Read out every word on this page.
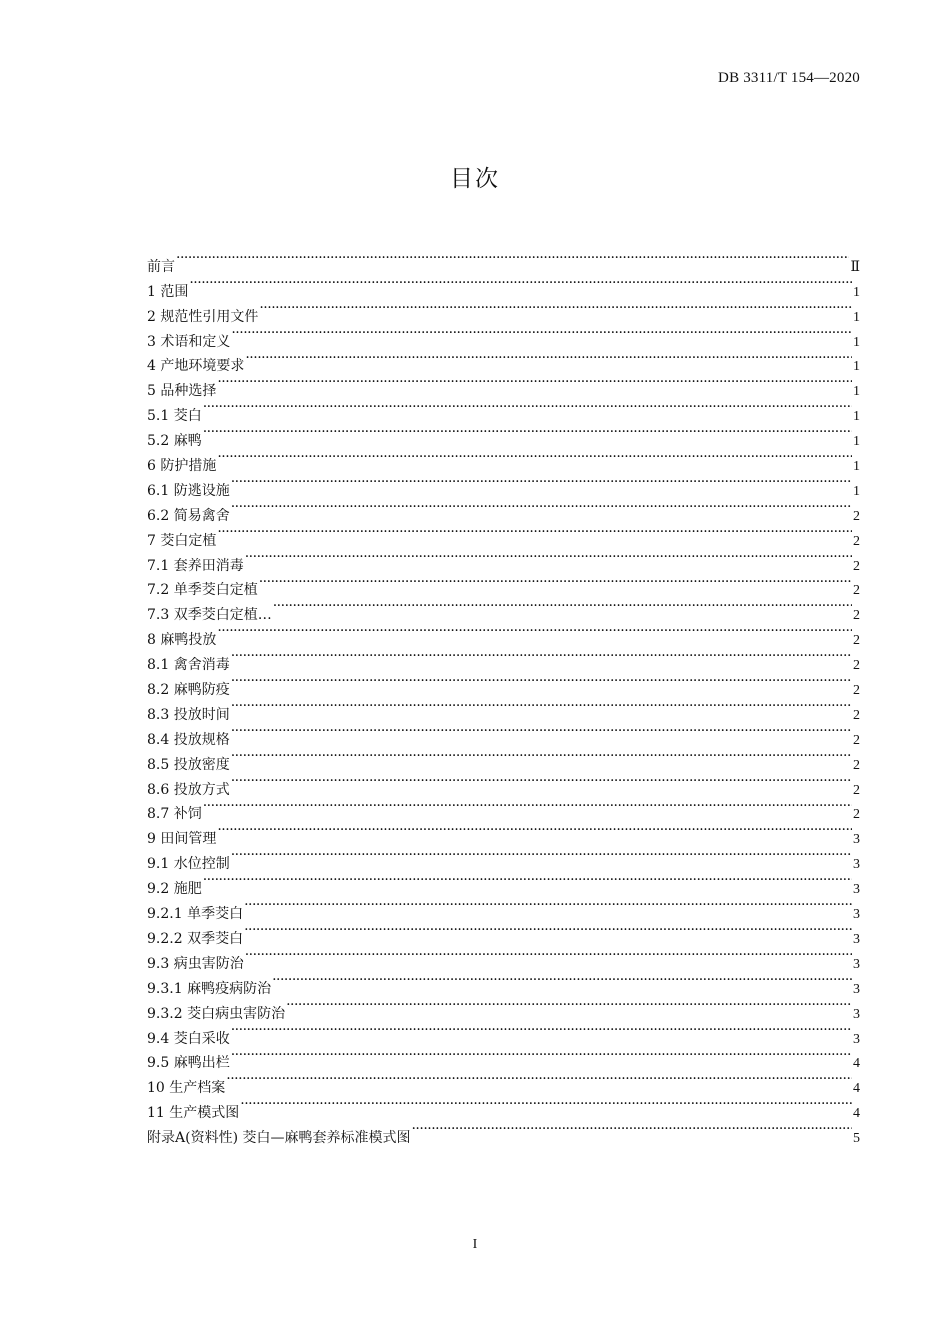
DB 3311/T 154—2020
目次
前言 ·····	Ⅱ
1 范围 ·····	1
2 规范性引用文件 ·····	1
3 术语和定义 ·····	1
4 产地环境要求 ·····	1
5 品种选择 ·····	1
5.1 茭白 ·····	1
5.2 麻鸭 ·····	1
6 防护措施 ·····	1
6.1 防逃设施 ·····	1
6.2 简易禽舍 ·····	2
7 茭白定植 ·····	2
7.1 套养田消毒 ·····	2
7.2 单季茭白定植 ·····	2
7.3 双季茭白定植… ·····	2
8 麻鸭投放 ·····	2
8.1 禽舍消毒 ·····	2
8.2 麻鸭防疫 ·····	2
8.3 投放时间 ·····	2
8.4 投放规格 ·····	2
8.5 投放密度 ·····	2
8.6 投放方式 ·····	2
8.7 补饲 ·····	2
9 田间管理 ·····	3
9.1 水位控制 ·····	3
9.2 施肥 ·····	3
9.2.1 单季茭白 ·····	3
9.2.2 双季茭白 ·····	3
9.3 病虫害防治 ·····	3
9.3.1 麻鸭疫病防治 ·····	3
9.3.2 茭白病虫害防治 ·····	3
9.4 茭白采收 ·····	3
9.5 麻鸭出栏 ·····	4
10 生产档案 ·····	4
11 生产模式图 ·····	4
附录A(资料性) 茭白—麻鸭套养标准模式图 ·····	5
I
